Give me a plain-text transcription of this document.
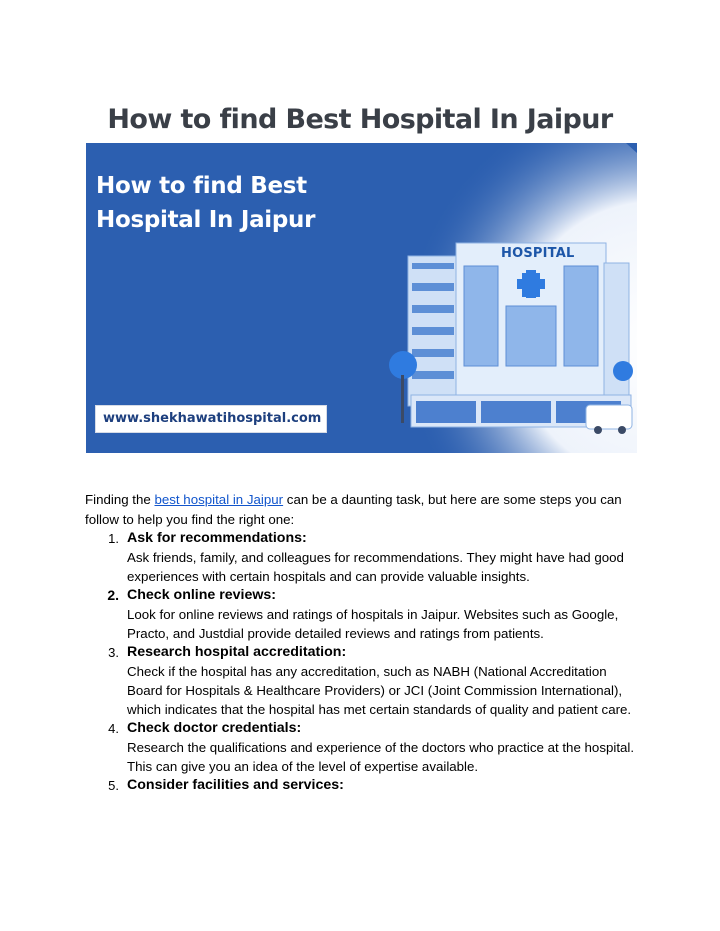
How to find Best Hospital In Jaipur

How to find Best
Hospital In Jaipur

HOSPITAL
www.shekhawatihospital.com

Finding the best hospital in Jaipur can be a daunting task, but here are some steps you can follow to help you find the right one:

1. Ask for recommendations:
Ask friends, family, and colleagues for recommendations. They might have had good experiences with certain hospitals and can provide valuable insights.
2. Check online reviews:
Look for online reviews and ratings of hospitals in Jaipur. Websites such as Google, Practo, and Justdial provide detailed reviews and ratings from patients.
3. Research hospital accreditation:
Check if the hospital has any accreditation, such as NABH (National Accreditation Board for Hospitals & Healthcare Providers) or JCI (Joint Commission International), which indicates that the hospital has met certain standards of quality and patient care.
4. Check doctor credentials:
Research the qualifications and experience of the doctors who practice at the hospital. This can give you an idea of the level of expertise available.
5. Consider facilities and services:
